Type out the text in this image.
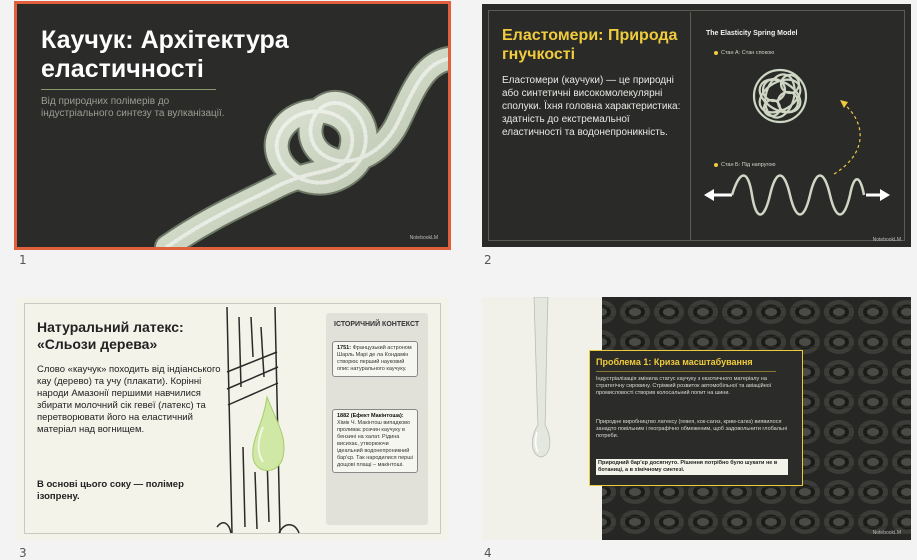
Каучук: Архітектура еластичності
Від природних полімерів до індустріального синтезу та вулканізації.
NotebookLM
1
Еластомери: Природа гнучкості
Еластомери (каучуки) — це природні або синтетичні високомолекулярні сполуки. Їхня головна характеристика: здатність до екстремальної еластичності та водонепроникність.
The Elasticity Spring Model
Стан А: Стан спокою
Стан Б: Під напругою
NotebookLM
2
Натуральний латекс: «Сльози дерева»
Слово «каучук» походить від індіанського кау (дерево) та учу (плакати). Корінні народи Амазонії першими навчилися збирати молочний сік гевеї (латекс) та перетворювати його на еластичний матеріал над вогнищем.
В основі цього соку — полімер ізопрену.
ІСТОРИЧНИЙ КОНТЕКСТ
1751: Французький астроном Шарль Марі де ла Кондамін створює перший науковий опис натурального каучуку.
1882 (Ефект Макінтоша): Хімік Ч. Макінтош випадково проливає розчин каучуку в бензині на халат. Рідина висихає, утворюючи ідеальний водонепроникний бар'єр. Так народилися перші дощові плащі – макінтоші.
3
Проблема 1: Криза масштабування
Індустріалізація змінила статус каучуку з екзотичного матеріалу на стратегічну сировину. Стрімкий розвиток автомобільної та авіаційної промисловості створив колосальний попит на шини.
Природне виробництво латексу (гевея, кок-сагиз, крим-сагиз) виявилося занадто повільним і географічно обмеженим, щоб задовольнити глобальні потреби.
Природний бар'єр досягнуто. Рішення потрібно було шукати не в ботаниці, а в хімічному синтезі.
NotebookLM
4
